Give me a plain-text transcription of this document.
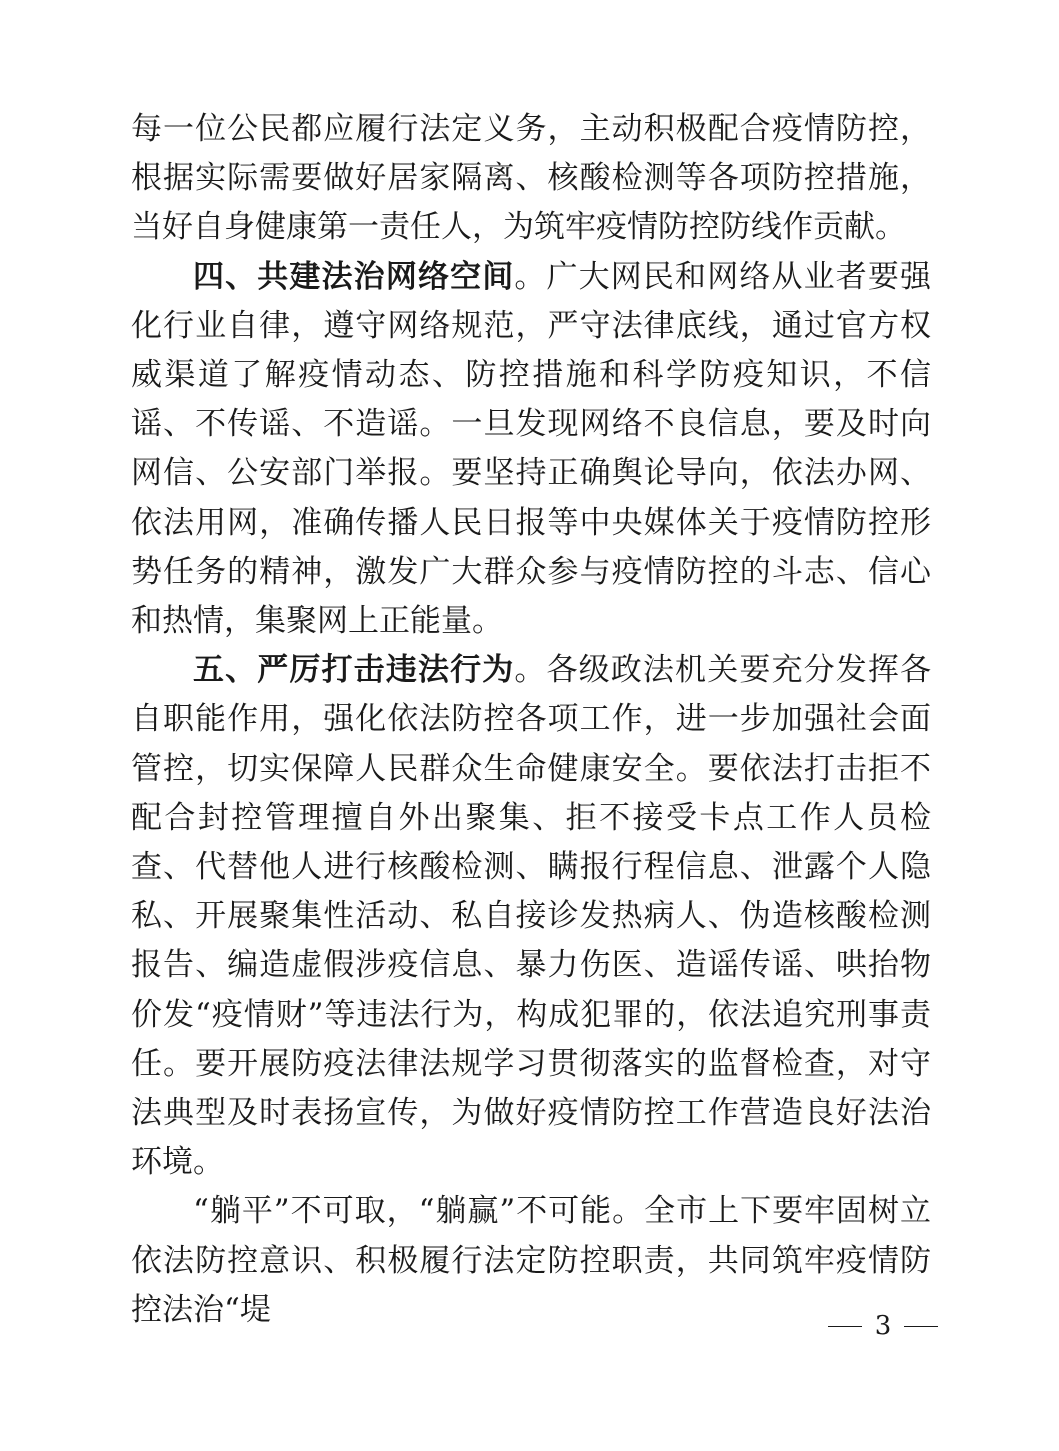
每一位公民都应履行法定义务，主动积极配合疫情防控，根据实际需要做好居家隔离、核酸检测等各项防控措施，当好自身健康第一责任人，为筑牢疫情防控防线作贡献。

四、共建法治网络空间。广大网民和网络从业者要强化行业自律，遵守网络规范，严守法律底线，通过官方权威渠道了解疫情动态、防控措施和科学防疫知识，不信谣、不传谣、不造谣。一旦发现网络不良信息，要及时向网信、公安部门举报。要坚持正确舆论导向，依法办网、依法用网，准确传播人民日报等中央媒体关于疫情防控形势任务的精神，激发广大群众参与疫情防控的斗志、信心和热情，集聚网上正能量。

五、严厉打击违法行为。各级政法机关要充分发挥各自职能作用，强化依法防控各项工作，进一步加强社会面管控，切实保障人民群众生命健康安全。要依法打击拒不配合封控管理擅自外出聚集、拒不接受卡点工作人员检查、代替他人进行核酸检测、瞒报行程信息、泄露个人隐私、开展聚集性活动、私自接诊发热病人、伪造核酸检测报告、编造虚假涉疫信息、暴力伤医、造谣传谣、哄抬物价发“疫情财”等违法行为，构成犯罪的，依法追究刑事责任。要开展防疫法律法规学习贯彻落实的监督检查，对守法典型及时表扬宣传，为做好疫情防控工作营造良好法治环境。

“躺平”不可取，“躺赢”不可能。全市上下要牢固树立依法防控意识、积极履行法定防控职责，共同筑牢疫情防控法治“堤	3
